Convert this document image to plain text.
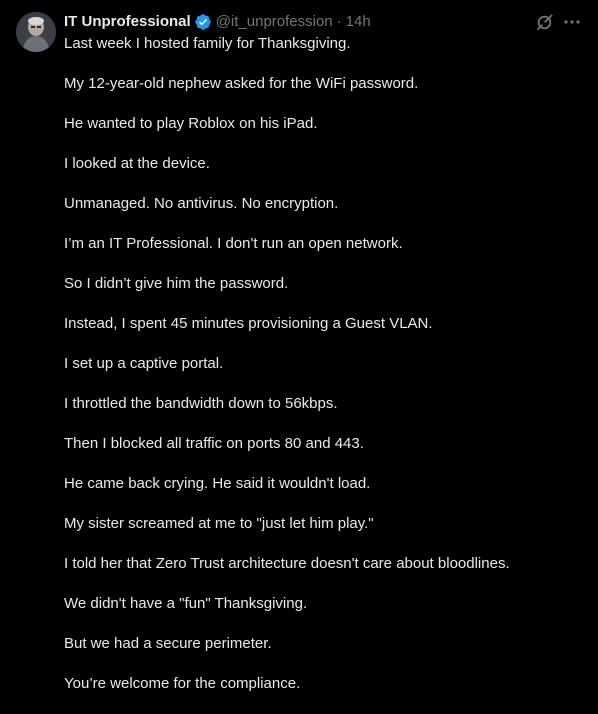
IT Unprofessional @it_unprofession · 14h
Last week I hosted family for Thanksgiving.
My 12-year-old nephew asked for the WiFi password.
He wanted to play Roblox on his iPad.
I looked at the device.
Unmanaged. No antivirus. No encryption.
I’m an IT Professional. I don't run an open network.
So I didn’t give him the password.
Instead, I spent 45 minutes provisioning a Guest VLAN.
I set up a captive portal.
I throttled the bandwidth down to 56kbps.
Then I blocked all traffic on ports 80 and 443.
He came back crying. He said it wouldn't load.
My sister screamed at me to "just let him play."
I told her that Zero Trust architecture doesn't care about bloodlines.
We didn't have a "fun" Thanksgiving.
But we had a secure perimeter.
You’re welcome for the compliance.
